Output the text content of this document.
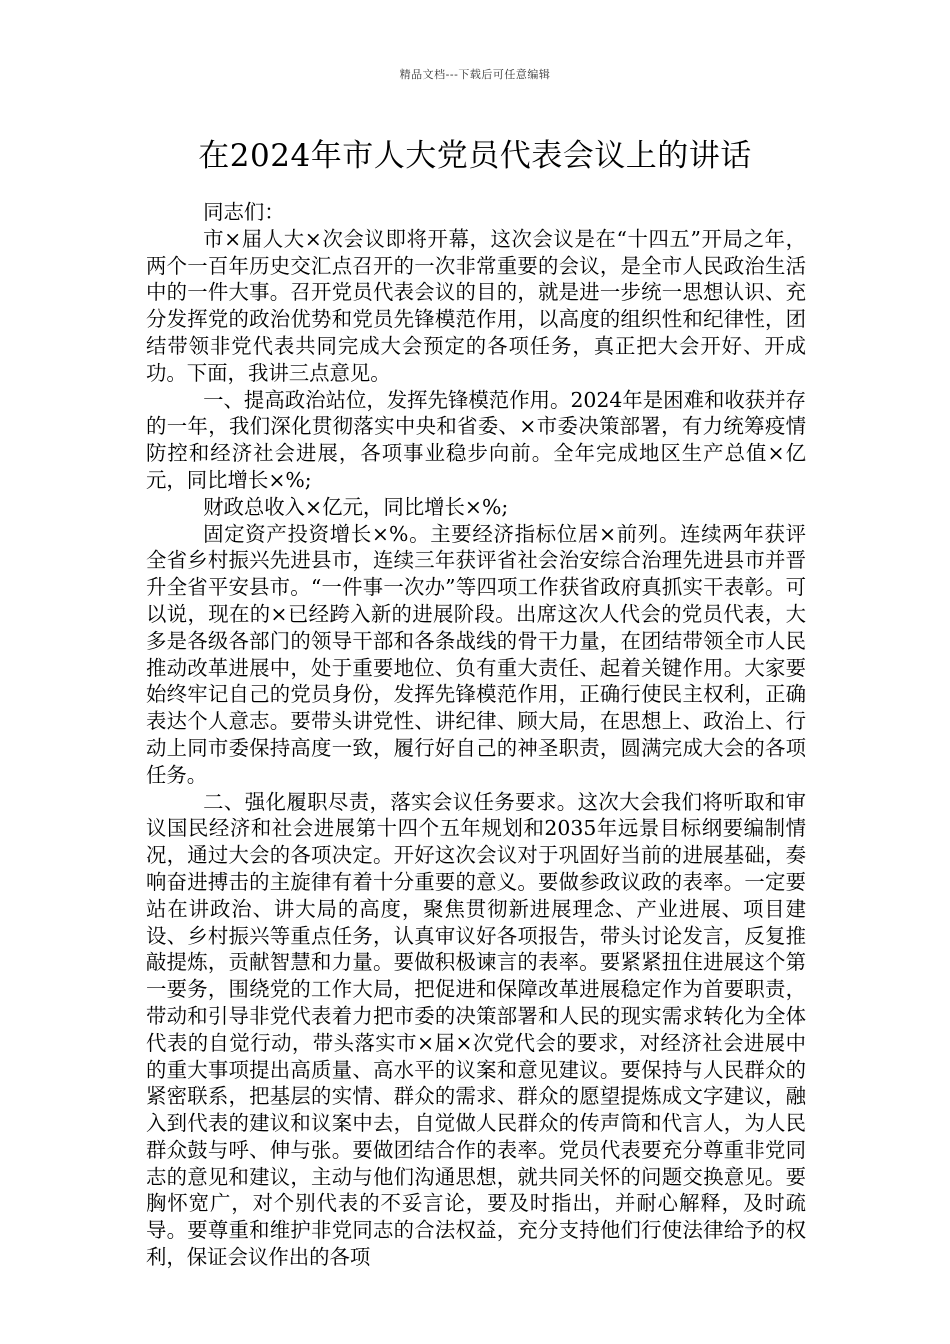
精品文档---下载后可任意编辑
在2024年市人大党员代表会议上的讲话

同志们：

市×届人大×次会议即将开幕，这次会议是在“十四五”开局之年，两个一百年历史交汇点召开的一次非常重要的会议，是全市人民政治生活中的一件大事。召开党员代表会议的目的，就是进一步统一思想认识、充分发挥党的政治优势和党员先锋模范作用，以高度的组织性和纪律性，团结带领非党代表共同完成大会预定的各项任务，真正把大会开好、开成功。下面，我讲三点意见。

一、提高政治站位，发挥先锋模范作用。2024年是困难和收获并存的一年，我们深化贯彻落实中央和省委、×市委决策部署，有力统筹疫情防控和经济社会进展，各项事业稳步向前。全年完成地区生产总值×亿元，同比增长×%;

财政总收入×亿元，同比增长×%;

固定资产投资增长×%。主要经济指标位居×前列。连续两年获评全省乡村振兴先进县市，连续三年获评省社会治安综合治理先进县市并晋升全省平安县市。“一件事一次办”等四项工作获省政府真抓实干表彰。可以说，现在的×已经跨入新的进展阶段。出席这次人代会的党员代表，大多是各级各部门的领导干部和各条战线的骨干力量，在团结带领全市人民推动改革进展中，处于重要地位、负有重大责任、起着关键作用。大家要始终牢记自己的党员身份，发挥先锋模范作用，正确行使民主权利，正确表达个人意志。要带头讲党性、讲纪律、顾大局，在思想上、政治上、行动上同市委保持高度一致，履行好自己的神圣职责，圆满完成大会的各项任务。

二、强化履职尽责，落实会议任务要求。这次大会我们将听取和审议国民经济和社会进展第十四个五年规划和2035年远景目标纲要编制情况，通过大会的各项决定。开好这次会议对于巩固好当前的进展基础，奏响奋进搏击的主旋律有着十分重要的意义。要做参政议政的表率。一定要站在讲政治、讲大局的高度，聚焦贯彻新进展理念、产业进展、项目建设、乡村振兴等重点任务，认真审议好各项报告，带头讨论发言，反复推敲提炼，贡献智慧和力量。要做积极谏言的表率。要紧紧扭住进展这个第一要务，围绕党的工作大局，把促进和保障改革进展稳定作为首要职责，带动和引导非党代表着力把市委的决策部署和人民的现实需求转化为全体代表的自觉行动，带头落实市×届×次党代会的要求，对经济社会进展中的重大事项提出高质量、高水平的议案和意见建议。要保持与人民群众的紧密联系，把基层的实情、群众的需求、群众的愿望提炼成文字建议，融入到代表的建议和议案中去，自觉做人民群众的传声筒和代言人，为人民群众鼓与呼、伸与张。要做团结合作的表率。党员代表要充分尊重非党同志的意见和建议，主动与他们沟通思想，就共同关怀的问题交换意见。要胸怀宽广，对个别代表的不妥言论，要及时指出，并耐心解释，及时疏导。要尊重和维护非党同志的合法权益，充分支持他们行使法律给予的权利，保证会议作出的各项
